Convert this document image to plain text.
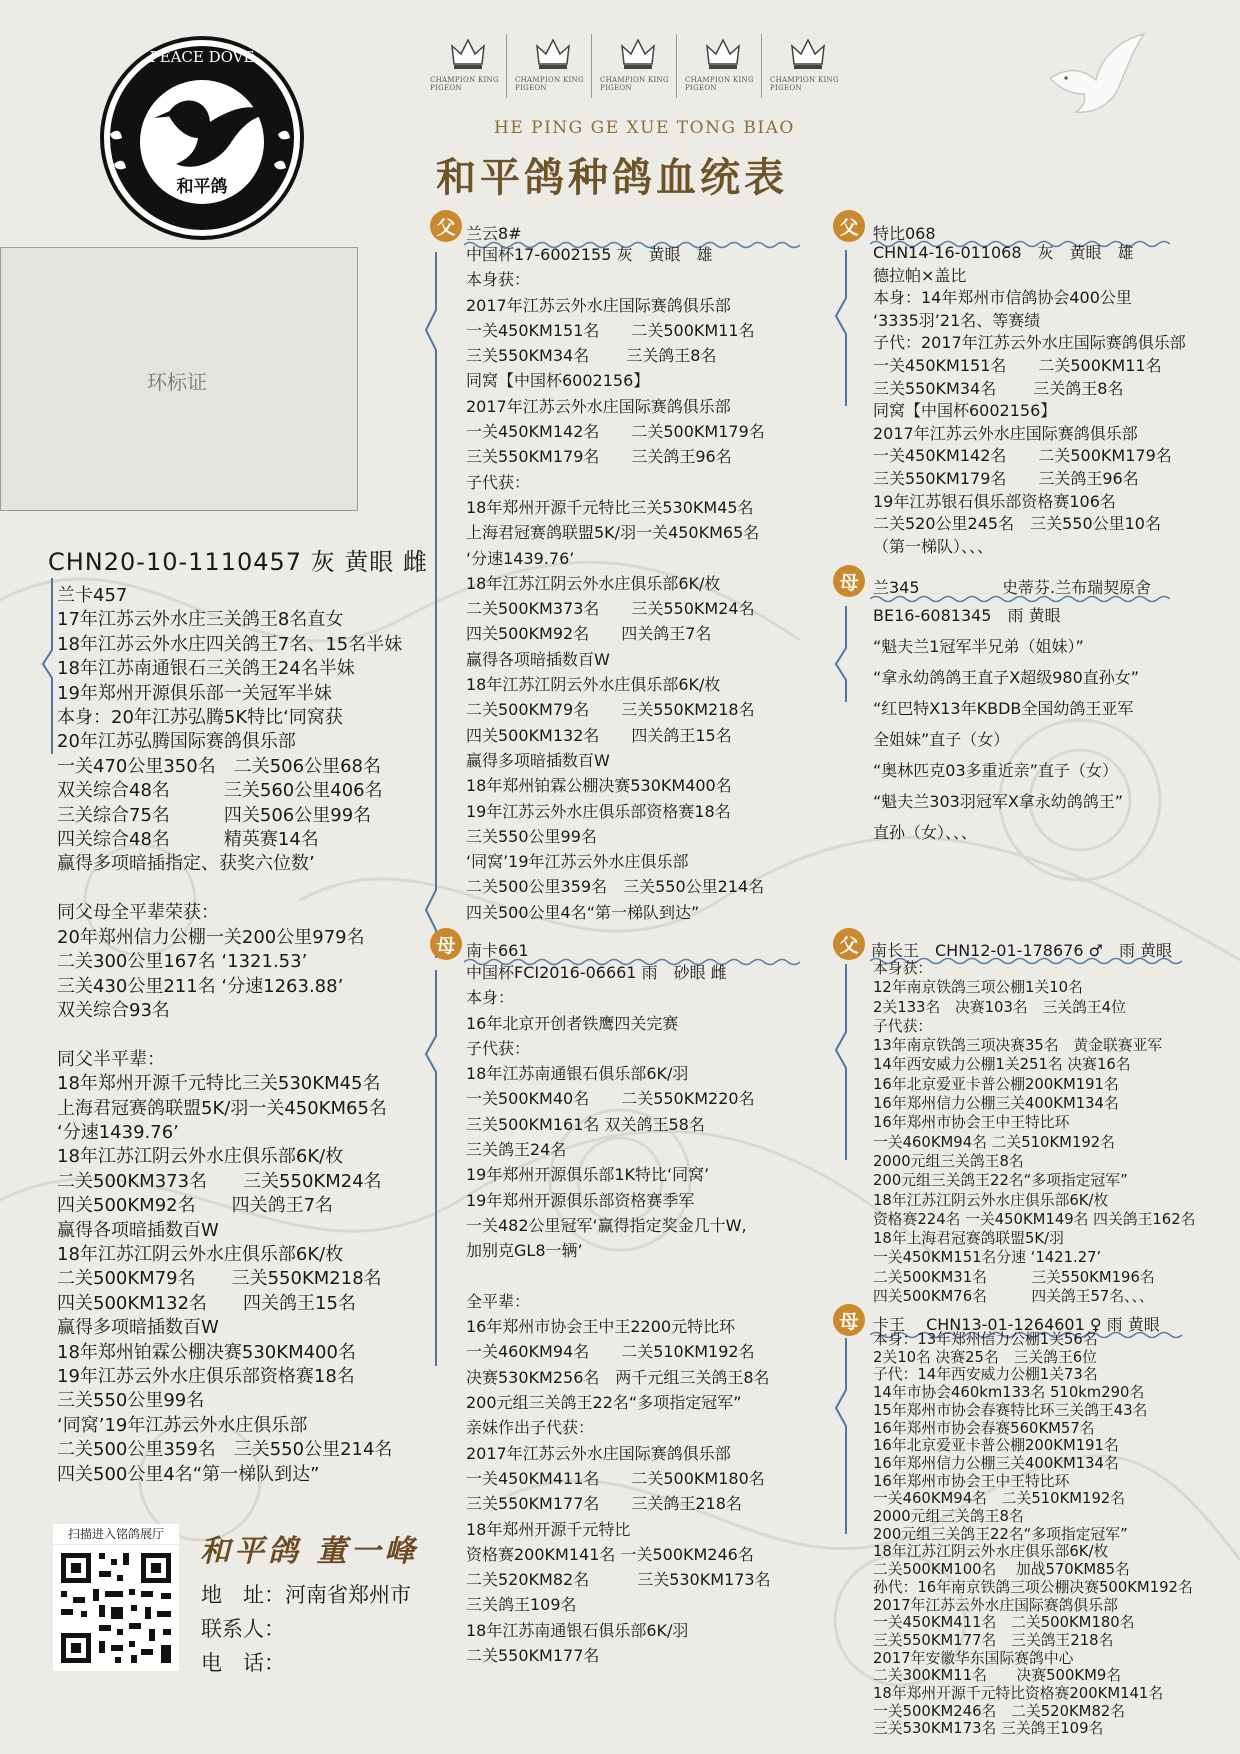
PEACE DOVE
和平鸽
CHAMPION KING PIGEON
CHAMPION KING PIGEON
CHAMPION KING PIGEON
CHAMPION KING PIGEON
CHAMPION KING PIGEON
HE PING GE XUE TONG BIAO
和平鸽种鸽血统表
环标证
CHN20-10-1110457 灰 黄眼 雌
兰卡457
17年江苏云外水庄三关鸽王8名直女
18年江苏云外水庄四关鸽王7名、15名半妹
18年江苏南通银石三关鸽王24名半妹
19年郑州开源俱乐部一关冠军半妹
本身：20年江苏弘腾5K特比‘同窝获
20年江苏弘腾国际赛鸽俱乐部
一关470公里350名　二关506公里68名
双关综合48名　　　三关560公里406名
三关综合75名　　　四关506公里99名
四关综合48名　　　精英赛14名
赢得多项暗插指定、获奖六位数’

同父母全平辈荣获：
20年郑州信力公棚一关200公里979名
二关300公里167名 ‘1321.53’
三关430公里211名 ‘分速1263.88’
双关综合93名

同父半平辈：
18年郑州开源千元特比三关530KM45名
上海君冠赛鸽联盟5K/羽一关450KM65名
‘分速1439.76’
18年江苏江阴云外水庄俱乐部6K/枚
二关500KM373名　　三关550KM24名
四关500KM92名　　四关鸽王7名
赢得各项暗插数百W
18年江苏江阴云外水庄俱乐部6K/枚
二关500KM79名　　三关550KM218名
四关500KM132名　　四关鸽王15名
赢得多项暗插数百W
18年郑州铂霖公棚决赛530KM400名
19年江苏云外水庄俱乐部资格赛18名
三关550公里99名
‘同窝’19年江苏云外水庄俱乐部
二关500公里359名　三关550公里214名
四关500公里4名“第一梯队到达”
父 兰云8#
中国杯17-6002155 灰　黄眼　雄
本身获：
2017年江苏云外水庄国际赛鸽俱乐部
一关450KM151名　　二关500KM11名
三关550KM34名　　 三关鸽王8名
同窝【中国杯6002156】
2017年江苏云外水庄国际赛鸽俱乐部
一关450KM142名　　二关500KM179名
三关550KM179名　　三关鸽王96名
子代获：
18年郑州开源千元特比三关530KM45名
上海君冠赛鸽联盟5K/羽一关450KM65名
‘分速1439.76’
18年江苏江阴云外水庄俱乐部6K/枚
二关500KM373名　　三关550KM24名
四关500KM92名　　四关鸽王7名
赢得各项暗插数百W
18年江苏江阴云外水庄俱乐部6K/枚
二关500KM79名　　三关550KM218名
四关500KM132名　　四关鸽王15名
赢得多项暗插数百W
18年郑州铂霖公棚决赛530KM400名
19年江苏云外水庄俱乐部资格赛18名
三关550公里99名
‘同窝’19年江苏云外水庄俱乐部
二关500公里359名　三关550公里214名
四关500公里4名“第一梯队到达”
母 南卡661
中国杯FCI2016-06661 雨　砂眼 雌
本身：
16年北京开创者铁鹰四关完赛
子代获：
18年江苏南通银石俱乐部6K/羽
一关500KM40名　　二关550KM220名
三关500KM161名 双关鸽王58名
三关鸽王24名
19年郑州开源俱乐部1K特比‘同窝’
19年郑州开源俱乐部资格赛季军
一关482公里冠军‘赢得指定奖金几十W,
加别克GL8一辆’

全平辈：
16年郑州市协会王中王2200元特比环
一关460KM94名　　二关510KM192名
决赛530KM256名　两千元组三关鸽王8名
200元组三关鸽王22名“多项指定冠军”
亲妹作出子代获：
2017年江苏云外水庄国际赛鸽俱乐部
一关450KM411名　　二关500KM180名
三关550KM177名　　三关鸽王218名
18年郑州开源千元特比
资格赛200KM141名 一关500KM246名
二关520KM82名　　　三关530KM173名
三关鸽王109名
18年江苏南通银石俱乐部6K/羽
二关550KM177名
父 特比068
CHN14-16-011068　灰　黄眼　雄
德拉帕×盖比
本身：14年郑州市信鸽协会400公里
‘3335羽’21名、等赛绩
子代：2017年江苏云外水庄国际赛鸽俱乐部
一关450KM151名　　二关500KM11名
三关550KM34名　　 三关鸽王8名
同窝【中国杯6002156】
2017年江苏云外水庄国际赛鸽俱乐部
一关450KM142名　　二关500KM179名
三关550KM179名　　三关鸽王96名
19年江苏银石俱乐部资格赛106名
二关520公里245名　三关550公里10名
（第一梯队）、、、
母 兰345	史蒂芬.兰布瑞契原舍
BE16-6081345　雨 黄眼
“魁夫兰1冠军半兄弟（姐妹）”
“拿永幼鸽鸽王直子X超级980直孙女”
“红巴特X13年KBDB全国幼鸽王亚军
全姐妹”直子（女）
“奥林匹克03多重近亲”直子（女）
“魁夫兰303羽冠军X拿永幼鸽鸽王”
直孙（女）、、、
父 南长王　CHN12-01-178676 ♂　雨 黄眼
本身获：
12年南京铁鸽三项公棚1关10名
2关133名　决赛103名　三关鸽王4位
子代获：
13年南京铁鸽三项决赛35名　黄金联赛亚军
14年西安威力公棚1关251名 决赛16名
16年北京爱亚卡普公棚200KM191名
16年郑州信力公棚三关400KM134名
16年郑州市协会王中王特比环
一关460KM94名 二关510KM192名
2000元组三关鸽王8名
200元组三关鸽王22名“多项指定冠军”
18年江苏江阴云外水庄俱乐部6K/枚
资格赛224名 一关450KM149名 四关鸽王162名
18年上海君冠赛鸽联盟5K/羽
一关450KM151名分速 ‘1421.27’
二关500KM31名　　　三关550KM196名
四关500KM76名　　　四关鸽王57名、、、
母 卡王　 CHN13-01-1264601 ♀ 雨 黄眼
本身：13年郑州信力公棚1关56名
2关10名 决赛25名　三关鸽王6位
子代：14年西安威力公棚1关73名
14年市协会460km133名 510km290名
15年郑州市协会春赛特比环三关鸽王43名
16年郑州市协会春赛560KM57名
16年北京爱亚卡普公棚200KM191名
16年郑州信力公棚三关400KM134名
16年郑州市协会王中王特比环
一关460KM94名　二关510KM192名
2000元组三关鸽王8名
200元组三关鸽王22名“多项指定冠军”
18年江苏江阴云外水庄俱乐部6K/枚
二关500KM100名　 加战570KM85名
孙代：16年南京铁鸽三项公棚决赛500KM192名
2017年江苏云外水庄国际赛鸽俱乐部
一关450KM411名　二关500KM180名
三关550KM177名　三关鸽王218名
2017年安徽华东国际赛鸽中心
二关300KM11名　　决赛500KM9名
18年郑州开源千元特比资格赛200KM141名
一关500KM246名　二关520KM82名
三关530KM173名 三关鸽王109名
扫描进入铭鸽展厅	和平鸽 董一峰
地　址：河南省郑州市
联系人：
电　话：
